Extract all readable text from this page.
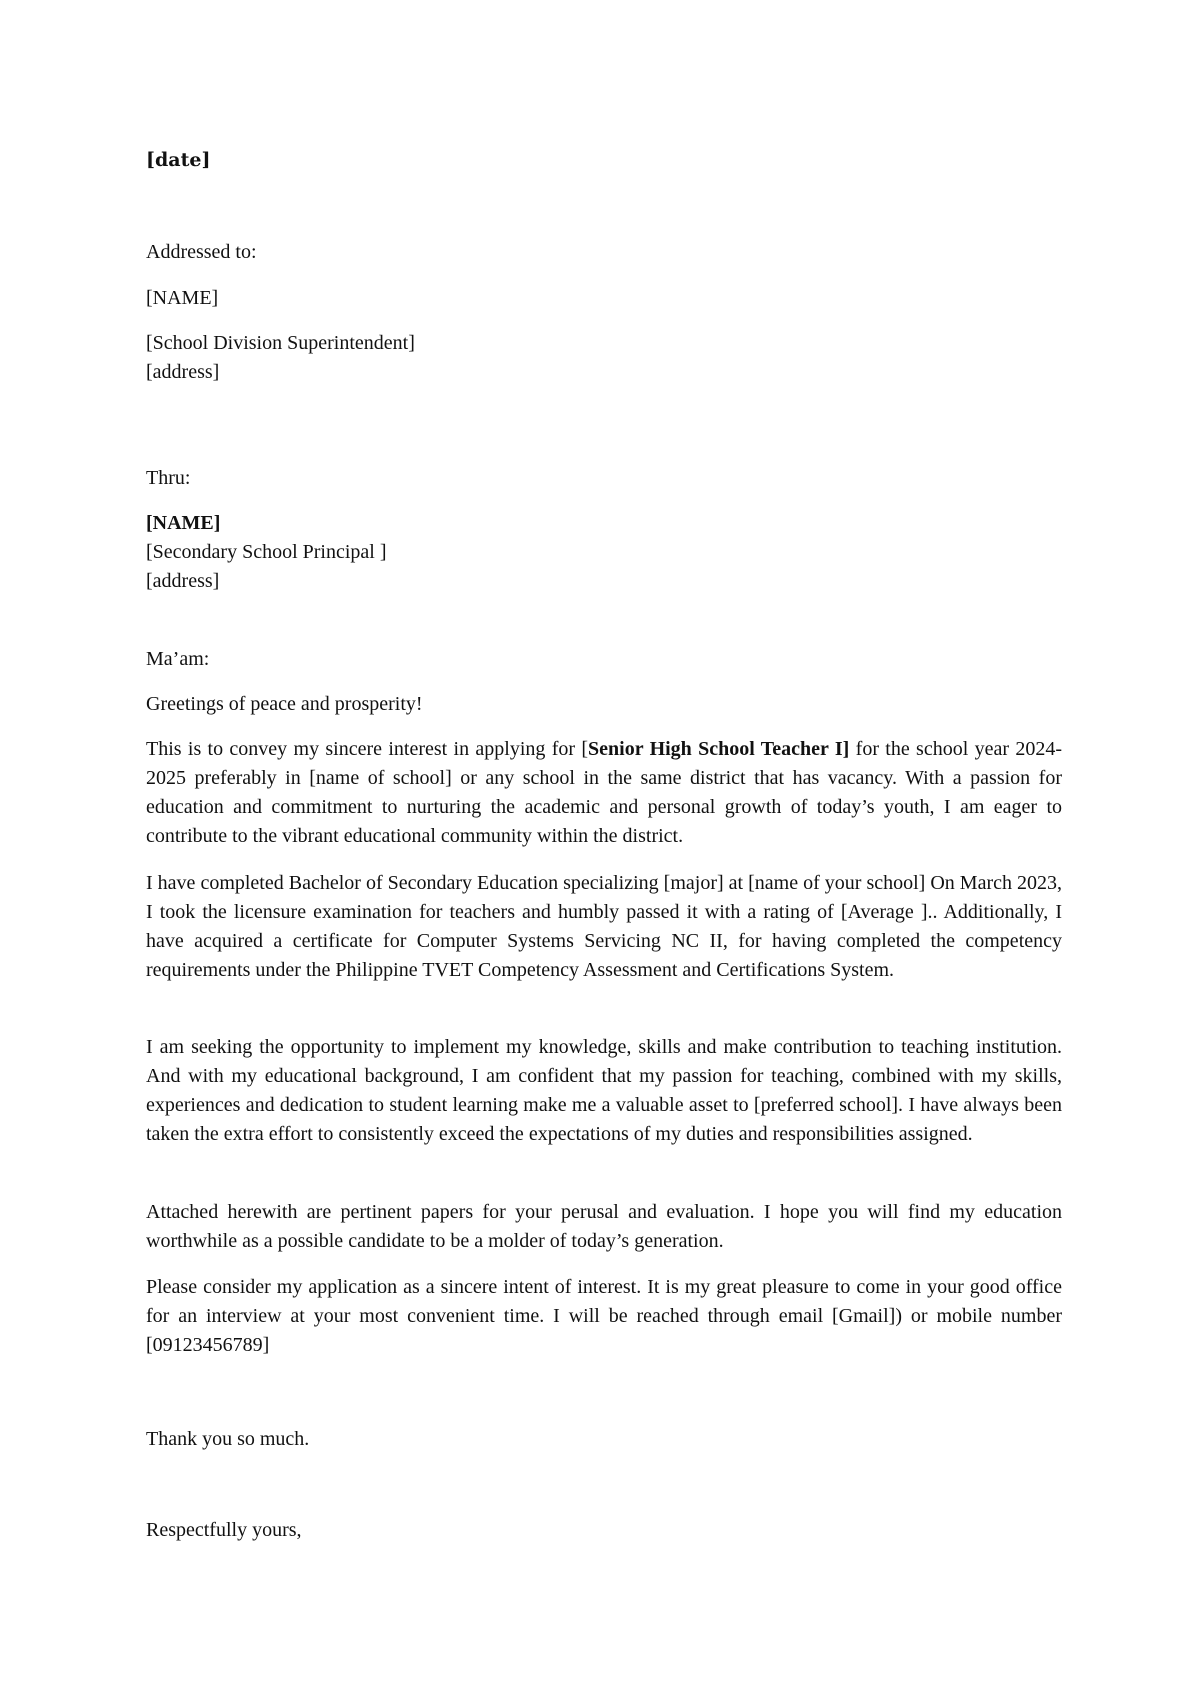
[date]

Addressed to:

[NAME]

[School Division Superintendent]
[address]

Thru:

[NAME]
[Secondary School Principal ]
[address]

Ma’am:

Greetings of peace and prosperity!

This is to convey my sincere interest in applying for [Senior High School Teacher I] for the school year 2024- 2025 preferably in [name of school] or any school in the same district that has vacancy. With a passion for education and commitment to nurturing the academic and personal growth of today’s youth, I am eager to contribute to the vibrant educational community within the district.

I have completed Bachelor of Secondary Education specializing [major] at [name of your school] On March 2023, I took the licensure examination for teachers and humbly passed it with a rating of [Average ].. Additionally, I have acquired a certificate for Computer Systems Servicing NC II, for having completed the competency requirements under the Philippine TVET Competency Assessment and Certifications System.

I am seeking the opportunity to implement my knowledge, skills and make contribution to teaching institution. And with my educational background, I am confident that my passion for teaching, combined with my skills, experiences and dedication to student learning make me a valuable asset to [preferred school]. I have always been taken the extra effort to consistently exceed the expectations of my duties and responsibilities assigned.

Attached herewith are pertinent papers for your perusal and evaluation. I hope you will find my education worthwhile as a possible candidate to be a molder of today’s generation.

Please consider my application as a sincere intent of interest. It is my great pleasure to come in your good office for an interview at your most convenient time. I will be reached through email [Gmail]) or mobile number [09123456789]

Thank you so much.

Respectfully yours,
